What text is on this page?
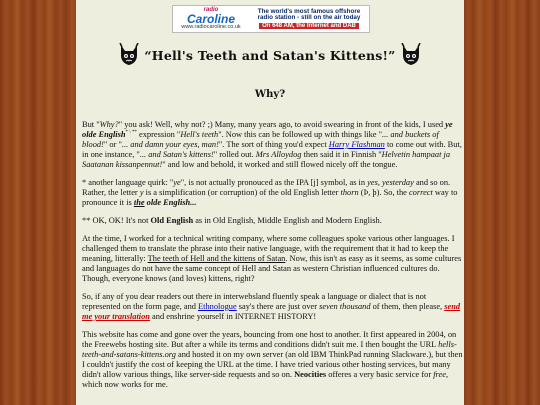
radio
Caroline
www.radiocaroline.co.uk
The world's most famous offshore
radio station - still on the air today
On 648 AM, the Internet and DAB
“Hell's Teeth and Satan's Kittens!”
Why?

But "Why?" you ask! Well, why not? ;) Many, many years ago, to avoid swearing in front of the kids, I used ye olde English* \ ** expression "Hell's teeth". Now this can be followed up with things like "... and buckets of blood!" or "... and damn your eyes, man!". The sort of thing you'd expect Harry Flashman to come out with. But, in one instance, "... and Satan's kittens!" rolled out. Mrs Alloydog then said it in Finnish "Helvetin hampaat ja Saatanan kissanpennut!" and low and behold, it worked and still flowed nicely off the tongue.

* another language quirk: "ye", is not actually pronouced as the IPA [j] symbol, as in yes, yesterday and so on. Rather, the letter y is a simplification (or corruption) of the old English letter thorn (Þ, þ). So, the correct way to pronounce it is the olde English...

** OK, OK! It's not Old English as in Old English, Middle English and Modern English.

At the time, I worked for a technical writing company, where some colleagues spoke various other languages. I challenged them to translate the phrase into their native language, with the requirement that it had to keep the meaning, litterally: The teeth of Hell and the kittens of Satan. Now, this isn't as easy as it seems, as some cultures and languages do not have the same concept of Hell and Satan as western Christian influenced cultures do. Though, everyone knows (and loves) kittens, right?

So, if any of you dear readers out there in interwebsland fluently speak a language or dialect that is not represented on the form page, and Ethnologue say's there are just over seven thousand of them, then please, send me your translation and enshrine yourself in INTERNET HISTORY!

This website has come and gone over the years, bouncing from one host to another. It first appeared in 2004, on the Freewebs hosting site. But after a while its terms and conditions didn't suit me. I then bought the URL hells-teeth-and-satans-kittens.org and hosted it on my own server (an old IBM ThinkPad running Slackware.), but then I couldn't justify the cost of keeping the URL at the time. I have tried various other hosting services, but many didn't allow various things, like server-side requests and so on. Neocities offeres a very basic service for free, which now works for me.
